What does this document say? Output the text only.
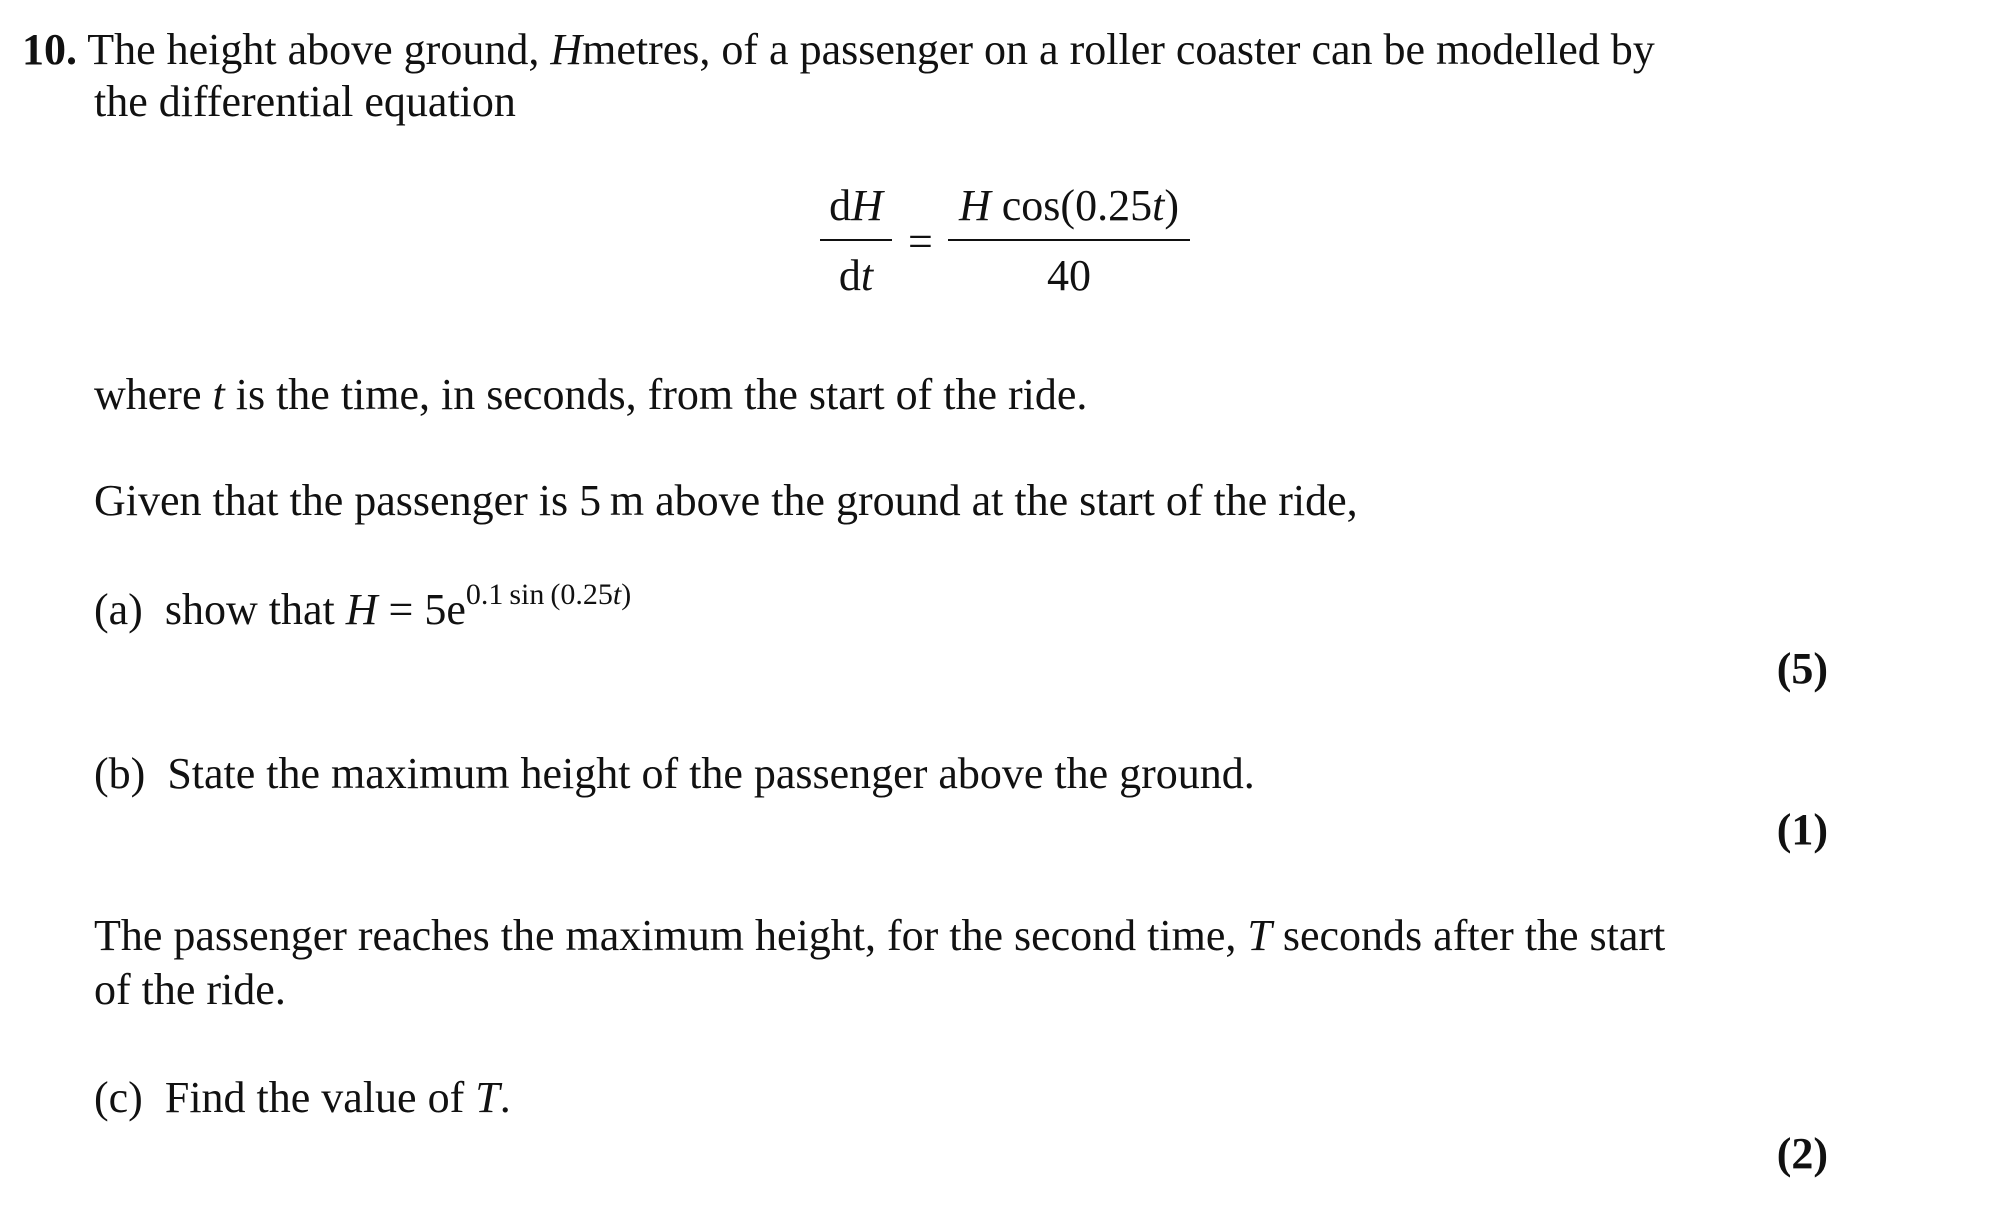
10. The height above ground, Hmetres, of a passenger on a roller coaster can be modelled by
the differential equation
dH
dt
=
H cos(0.25t)
40
where t is the time, in seconds, from the start of the ride.
Given that the passenger is 5 m above the ground at the start of the ride,
(a) show that $H = 5e^{0.1 sin (0.25t)}$
(5)
(b) State the maximum height of the passenger above the ground.
(1)
The passenger reaches the maximum height, for the second time, T seconds after the start
of the ride.
(c) Find the value of T.
(2)
